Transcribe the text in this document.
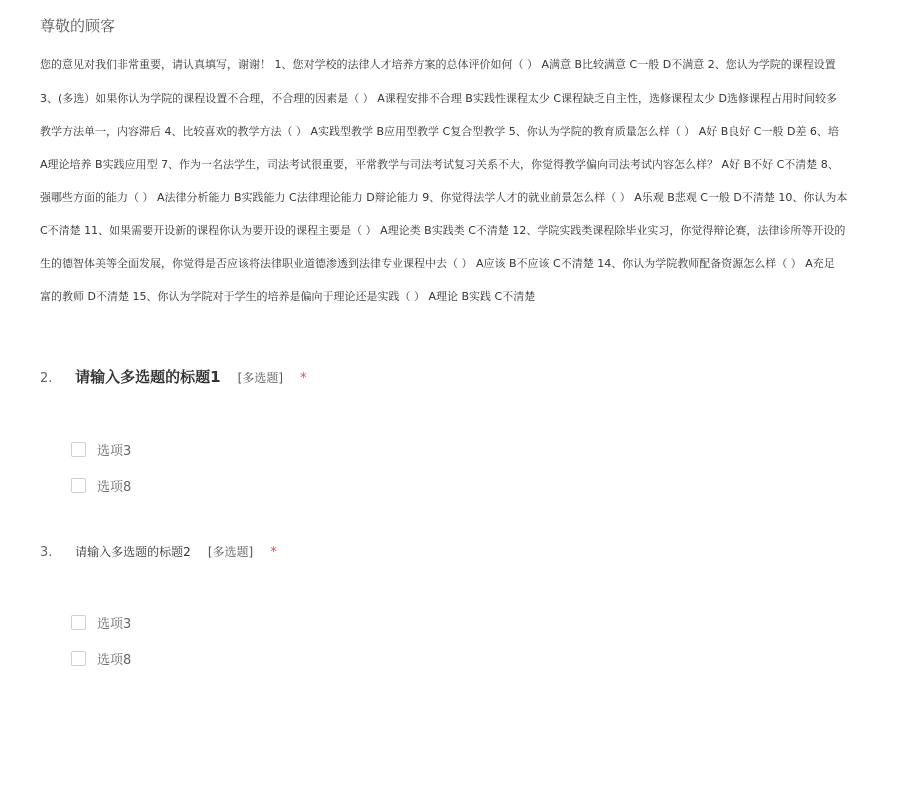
尊敬的顾客
您的意见对我们非常重要，请认真填写，谢谢！ 1、您对学校的法律人才培养方案的总体评价如何（ ） A满意 B比较满意 C一般 D不满意 2、您认为学院的课程设置
3、(多选）如果你认为学院的课程设置不合理，不合理的因素是（ ） A课程安排不合理 B实践性课程太少 C课程缺乏自主性，选修课程太少 D选修课程占用时间较多
教学方法单一，内容滞后 4、比较喜欢的教学方法（ ） A实践型教学 B应用型教学 C复合型教学 5、你认为学院的教育质量怎么样（ ） A好 B良好 C一般 D差 6、培
A理论培养 B实践应用型 7、作为一名法学生，司法考试很重要，平常教学与司法考试复习关系不大，你觉得教学偏向司法考试内容怎么样？ A好 B不好 C不清楚 8、
强哪些方面的能力（ ） A法律分析能力 B实践能力 C法律理论能力 D辩论能力 9、你觉得法学人才的就业前景怎么样（ ） A乐观 B悲观 C一般 D不清楚 10、你认为本
C不清楚 11、如果需要开设新的课程你认为要开设的课程主要是（ ） A理论类 B实践类 C不清楚 12、学院实践类课程除毕业实习，你觉得辩论赛，法律诊所等开设的
生的德智体美等全面发展，你觉得是否应该将法律职业道德渗透到法律专业课程中去（ ） A应该 B不应该 C不清楚 14、你认为学院教师配备资源怎么样（ ） A充足
富的教师 D不清楚 15、你认为学院对于学生的培养是偏向于理论还是实践（ ） A理论 B实践 C不清楚
2. 请输入多选题的标题1 [多选题] *
选项3
选项8
3. 请输入多选题的标题2 [多选题] *
选项3
选项8
